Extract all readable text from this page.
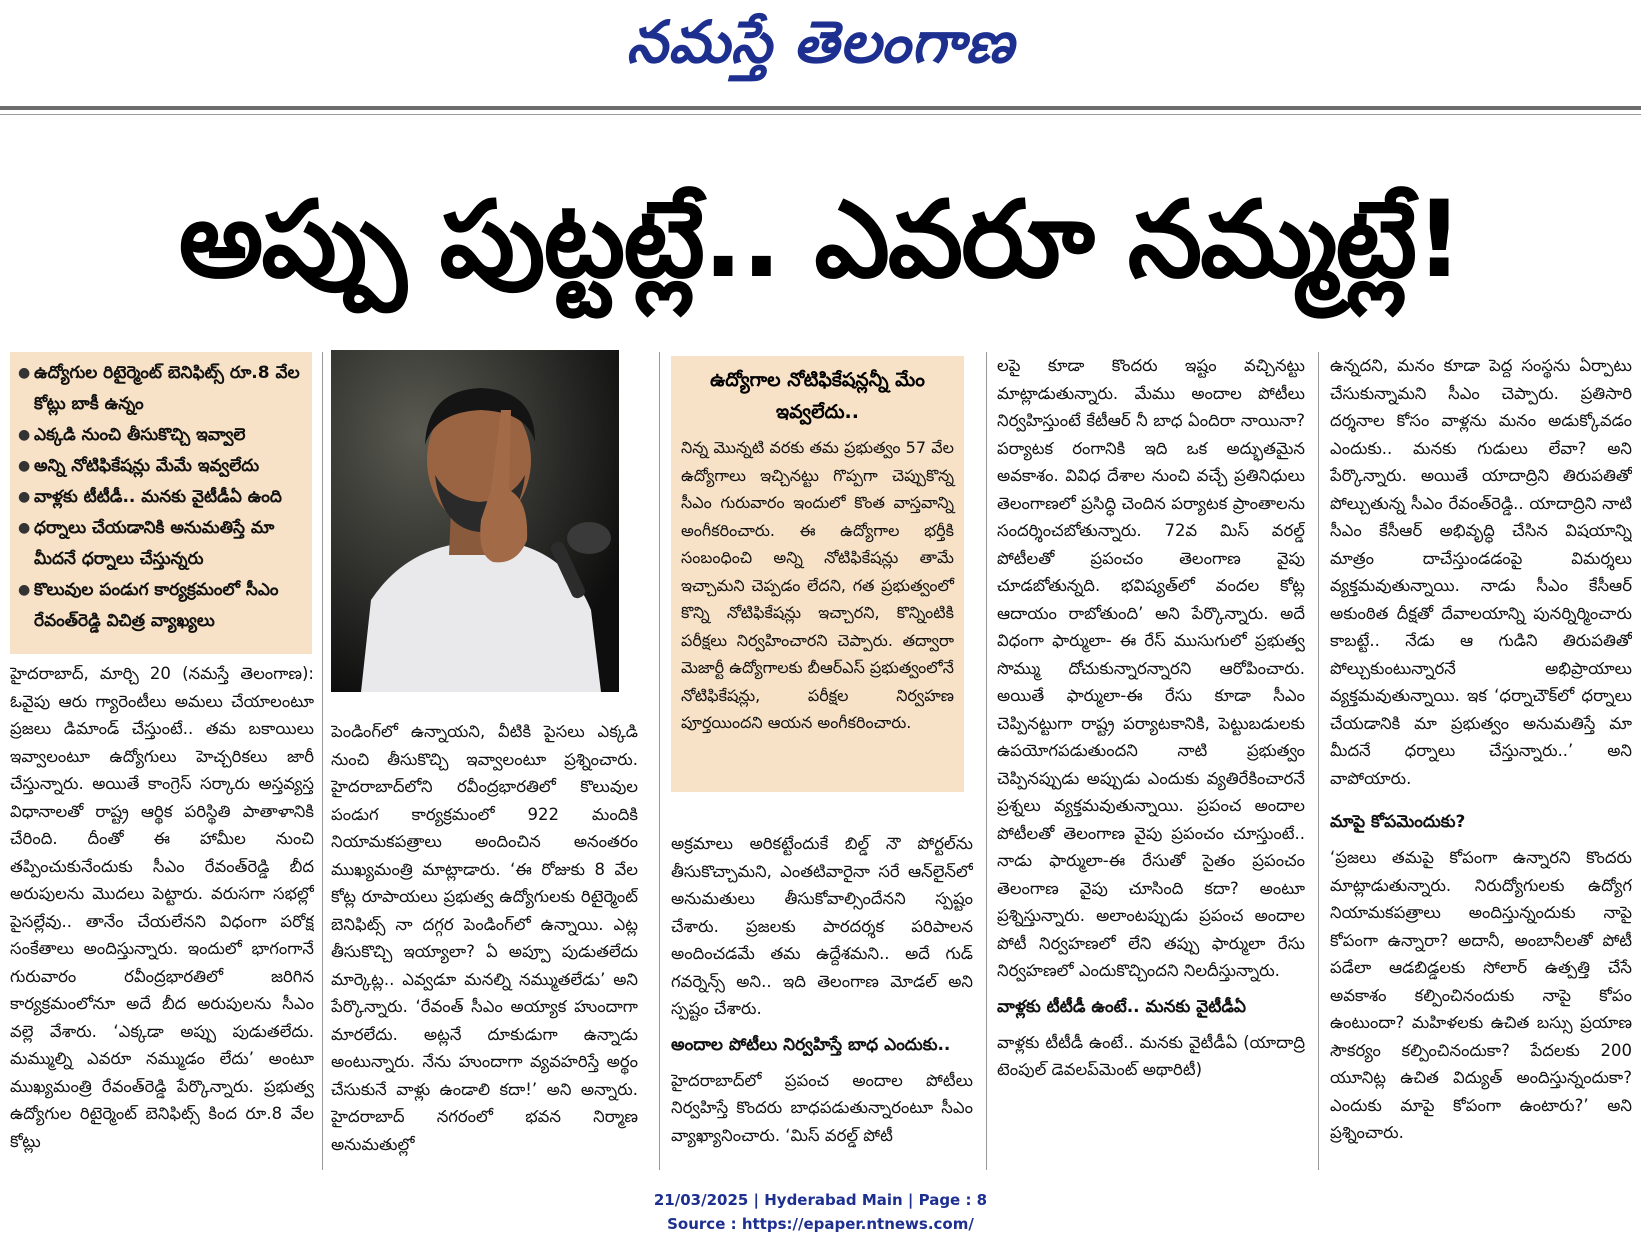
నమస్తే తెలంగాణ
అప్పు పుట్టట్లే.. ఎవరూ నమ్మట్లే!
● ఉద్యోగుల రిటైర్మెంట్ బెనిఫిట్స్ రూ.8 వేల కోట్లు బాకీ ఉన్నం
● ఎక్కడి నుంచి తీసుకొచ్చి ఇవ్వాలె
● అన్ని నోటిఫికేషన్లు మేమే ఇవ్వలేదు
● వాళ్లకు టీటీడీ.. మనకు వైటీడీఏ ఉంది
● ధర్నాలు చేయడానికి అనుమతిస్తే మా మీదనే ధర్నాలు చేస్తున్నరు
● కొలువుల పండుగ కార్యక్రమంలో సీఎం రేవంత్‌రెడ్డి విచిత్ర వ్యాఖ్యలు

హైదరాబాద్, మార్చి 20 (నమస్తే తెలంగాణ): ఓవైపు ఆరు గ్యారెంటీలు అమలు చేయాలంటూ ప్రజలు డిమాండ్ చేస్తుంటే.. తమ బకాయిలు ఇవ్వాలంటూ ఉద్యోగులు హెచ్చరికలు జారీ చేస్తున్నారు. అయితే కాంగ్రెస్ సర్కారు అస్తవ్యస్త విధానాలతో రాష్ట్ర ఆర్థిక పరిస్థితి పాతాళానికి చేరింది. దీంతో ఈ హామీల నుంచి తప్పించుకునేందుకు సీఎం రేవంత్‌రెడ్డి బీద అరుపులను మొదలు పెట్టారు. వరుసగా సభల్లో పైసల్లేవు.. తానేం చేయలేనని విధంగా పరోక్ష సంకేతాలు అందిస్తున్నారు. ఇందులో భాగంగానే గురువారం రవీంద్రభారతిలో జరిగిన కార్యక్రమంలోనూ అదే బీద అరుపులను సీఎం వల్లె వేశారు. ‘ఎక్కడా అప్పు పుడుతలేదు. మమ్ముల్ని ఎవరూ నమ్ముడం లేదు’ అంటూ ముఖ్యమంత్రి రేవంత్‌రెడ్డి పేర్కొన్నారు. ప్రభుత్వ ఉద్యోగుల రిటైర్మెంట్ బెనిఫిట్స్ కింద రూ.8 వేల కోట్లు

పెండింగ్‌లో ఉన్నాయని, వీటికి పైసలు ఎక్కడి నుంచి తీసుకొచ్చి ఇవ్వాలంటూ ప్రశ్నించారు. హైదరాబాద్‌లోని రవీంద్రభారతిలో కొలువుల పండుగ కార్యక్రమంలో 922 మందికి నియామకపత్రాలు అందించిన అనంతరం ముఖ్యమంత్రి మాట్లాడారు. ‘ఈ రోజుకు 8 వేల కోట్ల రూపాయలు ప్రభుత్వ ఉద్యోగులకు రిటైర్మెంట్ బెనిఫిట్స్ నా దగ్గర పెండింగ్‌లో ఉన్నాయి. ఎట్ల తీసుకొచ్చి ఇయ్యాలా? ఏ అప్పూ పుడుతలేదు మార్కెట్ల.. ఎవ్వడూ మనల్ని నమ్ముతలేడు’ అని పేర్కొన్నారు. ‘రేవంత్ సీఎం అయ్యాక హుందాగా మారలేదు. అట్లనే దూకుడుగా ఉన్నాడు అంటున్నారు. నేను హుందాగా వ్యవహరిస్తే అర్థం చేసుకునే వాళ్లు ఉండాలి కదా!’ అని అన్నారు. హైదరాబాద్ నగరంలో భవన నిర్మాణ అనుమతుల్లో

ఉద్యోగాల నోటిఫికేషన్లన్నీ మేం ఇవ్వలేదు..

నిన్న మొన్నటి వరకు తమ ప్రభుత్వం 57 వేల ఉద్యోగాలు ఇచ్చినట్టు గొప్పగా చెప్పుకొన్న సీఎం గురువారం ఇందులో కొంత వాస్తవాన్ని అంగీకరించారు. ఈ ఉద్యోగాల భర్తీకి సంబంధించి అన్ని నోటిఫికేషన్లు తామే ఇచ్చామని చెప్పడం లేదని, గత ప్రభుత్వంలో కొన్ని నోటిఫికేషన్లు ఇచ్చారని, కొన్నింటికి పరీక్షలు నిర్వహించారని చెప్పారు. తద్వారా మెజార్టీ ఉద్యోగాలకు బీఆర్‌ఎస్ ప్రభుత్వంలోనే నోటిఫికేషన్లు, పరీక్షల నిర్వహణ పూర్తయిందని ఆయన అంగీకరించారు.

అక్రమాలు అరికట్టేందుకే బిల్డ్ నౌ పోర్టల్‌ను తీసుకొచ్చామని, ఎంతటివారైనా సరే ఆన్‌లైన్‌లో అనుమతులు తీసుకోవాల్సిందేనని స్పష్టం చేశారు. ప్రజలకు పారదర్శక పరిపాలన అందించడమే తమ ఉద్దేశమని.. అదే గుడ్ గవర్నెన్స్ అని.. ఇది తెలంగాణ మోడల్ అని స్పష్టం చేశారు.

అందాల పోటీలు నిర్వహిస్తే బాధ ఎందుకు..

హైదరాబాద్‌లో ప్రపంచ అందాల పోటీలు నిర్వహిస్తే కొందరు బాధపడుతున్నారంటూ సీఎం వ్యాఖ్యానించారు. ‘మిస్ వరల్డ్ పోటీ

లపై కూడా కొందరు ఇష్టం వచ్చినట్టు మాట్లాడుతున్నారు. మేము అందాల పోటీలు నిర్వహిస్తుంటే కేటీఆర్ నీ బాధ ఏందిరా నాయినా? పర్యాటక రంగానికి ఇది ఒక అద్భుతమైన అవకాశం. వివిధ దేశాల నుంచి వచ్చే ప్రతినిధులు తెలంగాణలో ప్రసిద్ధి చెందిన పర్యాటక ప్రాంతాలను సందర్శించబోతున్నారు. 72వ మిస్ వరల్డ్ పోటీలతో ప్రపంచం తెలంగాణ వైపు చూడబోతున్నది. భవిష్యత్‌లో వందల కోట్ల ఆదాయం రాబోతుంది’ అని పేర్కొన్నారు. అదే విధంగా ఫార్ములా- ఈ రేస్ ముసుగులో ప్రభుత్వ సొమ్ము దోచుకున్నారన్నారని ఆరోపించారు. అయితే ఫార్ములా-ఈ రేసు కూడా సీఎం చెప్పినట్టుగా రాష్ట్ర పర్యాటకానికి, పెట్టుబడులకు ఉపయోగపడుతుందని నాటి ప్రభుత్వం చెప్పినప్పుడు అప్పుడు ఎందుకు వ్యతిరేకించారనే ప్రశ్నలు వ్యక్తమవుతున్నాయి. ప్రపంచ అందాల పోటీలతో తెలంగాణ వైపు ప్రపంచం చూస్తుంటే.. నాడు ఫార్ములా-ఈ రేసుతో సైతం ప్రపంచం తెలంగాణ వైపు చూసింది కదా? అంటూ ప్రశ్నిస్తున్నారు. అలాంటప్పుడు ప్రపంచ అందాల పోటీ నిర్వహణలో లేని తప్పు ఫార్ములా రేసు నిర్వహణలో ఎందుకొచ్చిందని నిలదీస్తున్నారు.

వాళ్లకు టీటీడీ ఉంటే.. మనకు వైటీడీఏ

వాళ్లకు టీటీడీ ఉంటే.. మనకు వైటీడీఏ (యాదాద్రి టెంపుల్ డెవలప్‌మెంట్ అథారిటీ)

ఉన్నదని, మనం కూడా పెద్ద సంస్థను ఏర్పాటు చేసుకున్నామని సీఎం చెప్పారు. ప్రతిసారి దర్శనాల కోసం వాళ్లను మనం అడుక్కోవడం ఎందుకు.. మనకు గుడులు లేవా? అని పేర్కొన్నారు. అయితే యాదాద్రిని తిరుపతితో పోల్చుతున్న సీఎం రేవంత్‌రెడ్డి.. యాదాద్రిని నాటి సీఎం కేసీఆర్ అభివృద్ధి చేసిన విషయాన్ని మాత్రం దాచేస్తుండడంపై విమర్శలు వ్యక్తమవుతున్నాయి. నాడు సీఎం కేసీఆర్ అకుంఠిత దీక్షతో దేవాలయాన్ని పునర్నిర్మించారు కాబట్టే.. నేడు ఆ గుడిని తిరుపతితో పోల్చుకుంటున్నారనే అభిప్రాయాలు వ్యక్తమవుతున్నాయి. ఇక ‘ధర్నాచౌక్‌లో ధర్నాలు చేయడానికి మా ప్రభుత్వం అనుమతిస్తే మా మీదనే ధర్నాలు చేస్తున్నారు..’ అని వాపోయారు.

మాపై కోపమెందుకు?

‘ప్రజలు తమపై కోపంగా ఉన్నారని కొందరు మాట్లాడుతున్నారు. నిరుద్యోగులకు ఉద్యోగ నియామకపత్రాలు అందిస్తున్నందుకు నాపై కోపంగా ఉన్నారా? అదానీ, అంబానీలతో పోటీ పడేలా ఆడబిడ్డలకు సోలార్ ఉత్పత్తి చేసే అవకాశం కల్పించినందుకు నాపై కోపం ఉంటుందా? మహిళలకు ఉచిత బస్సు ప్రయాణ సౌకర్యం కల్పించినందుకా? పేదలకు 200 యూనిట్ల ఉచిత విద్యుత్ అందిస్తున్నందుకా? ఎందుకు మాపై కోపంగా ఉంటారు?’ అని ప్రశ్నించారు.

21/03/2025 | Hyderabad Main | Page : 8
Source : https://epaper.ntnews.com/
